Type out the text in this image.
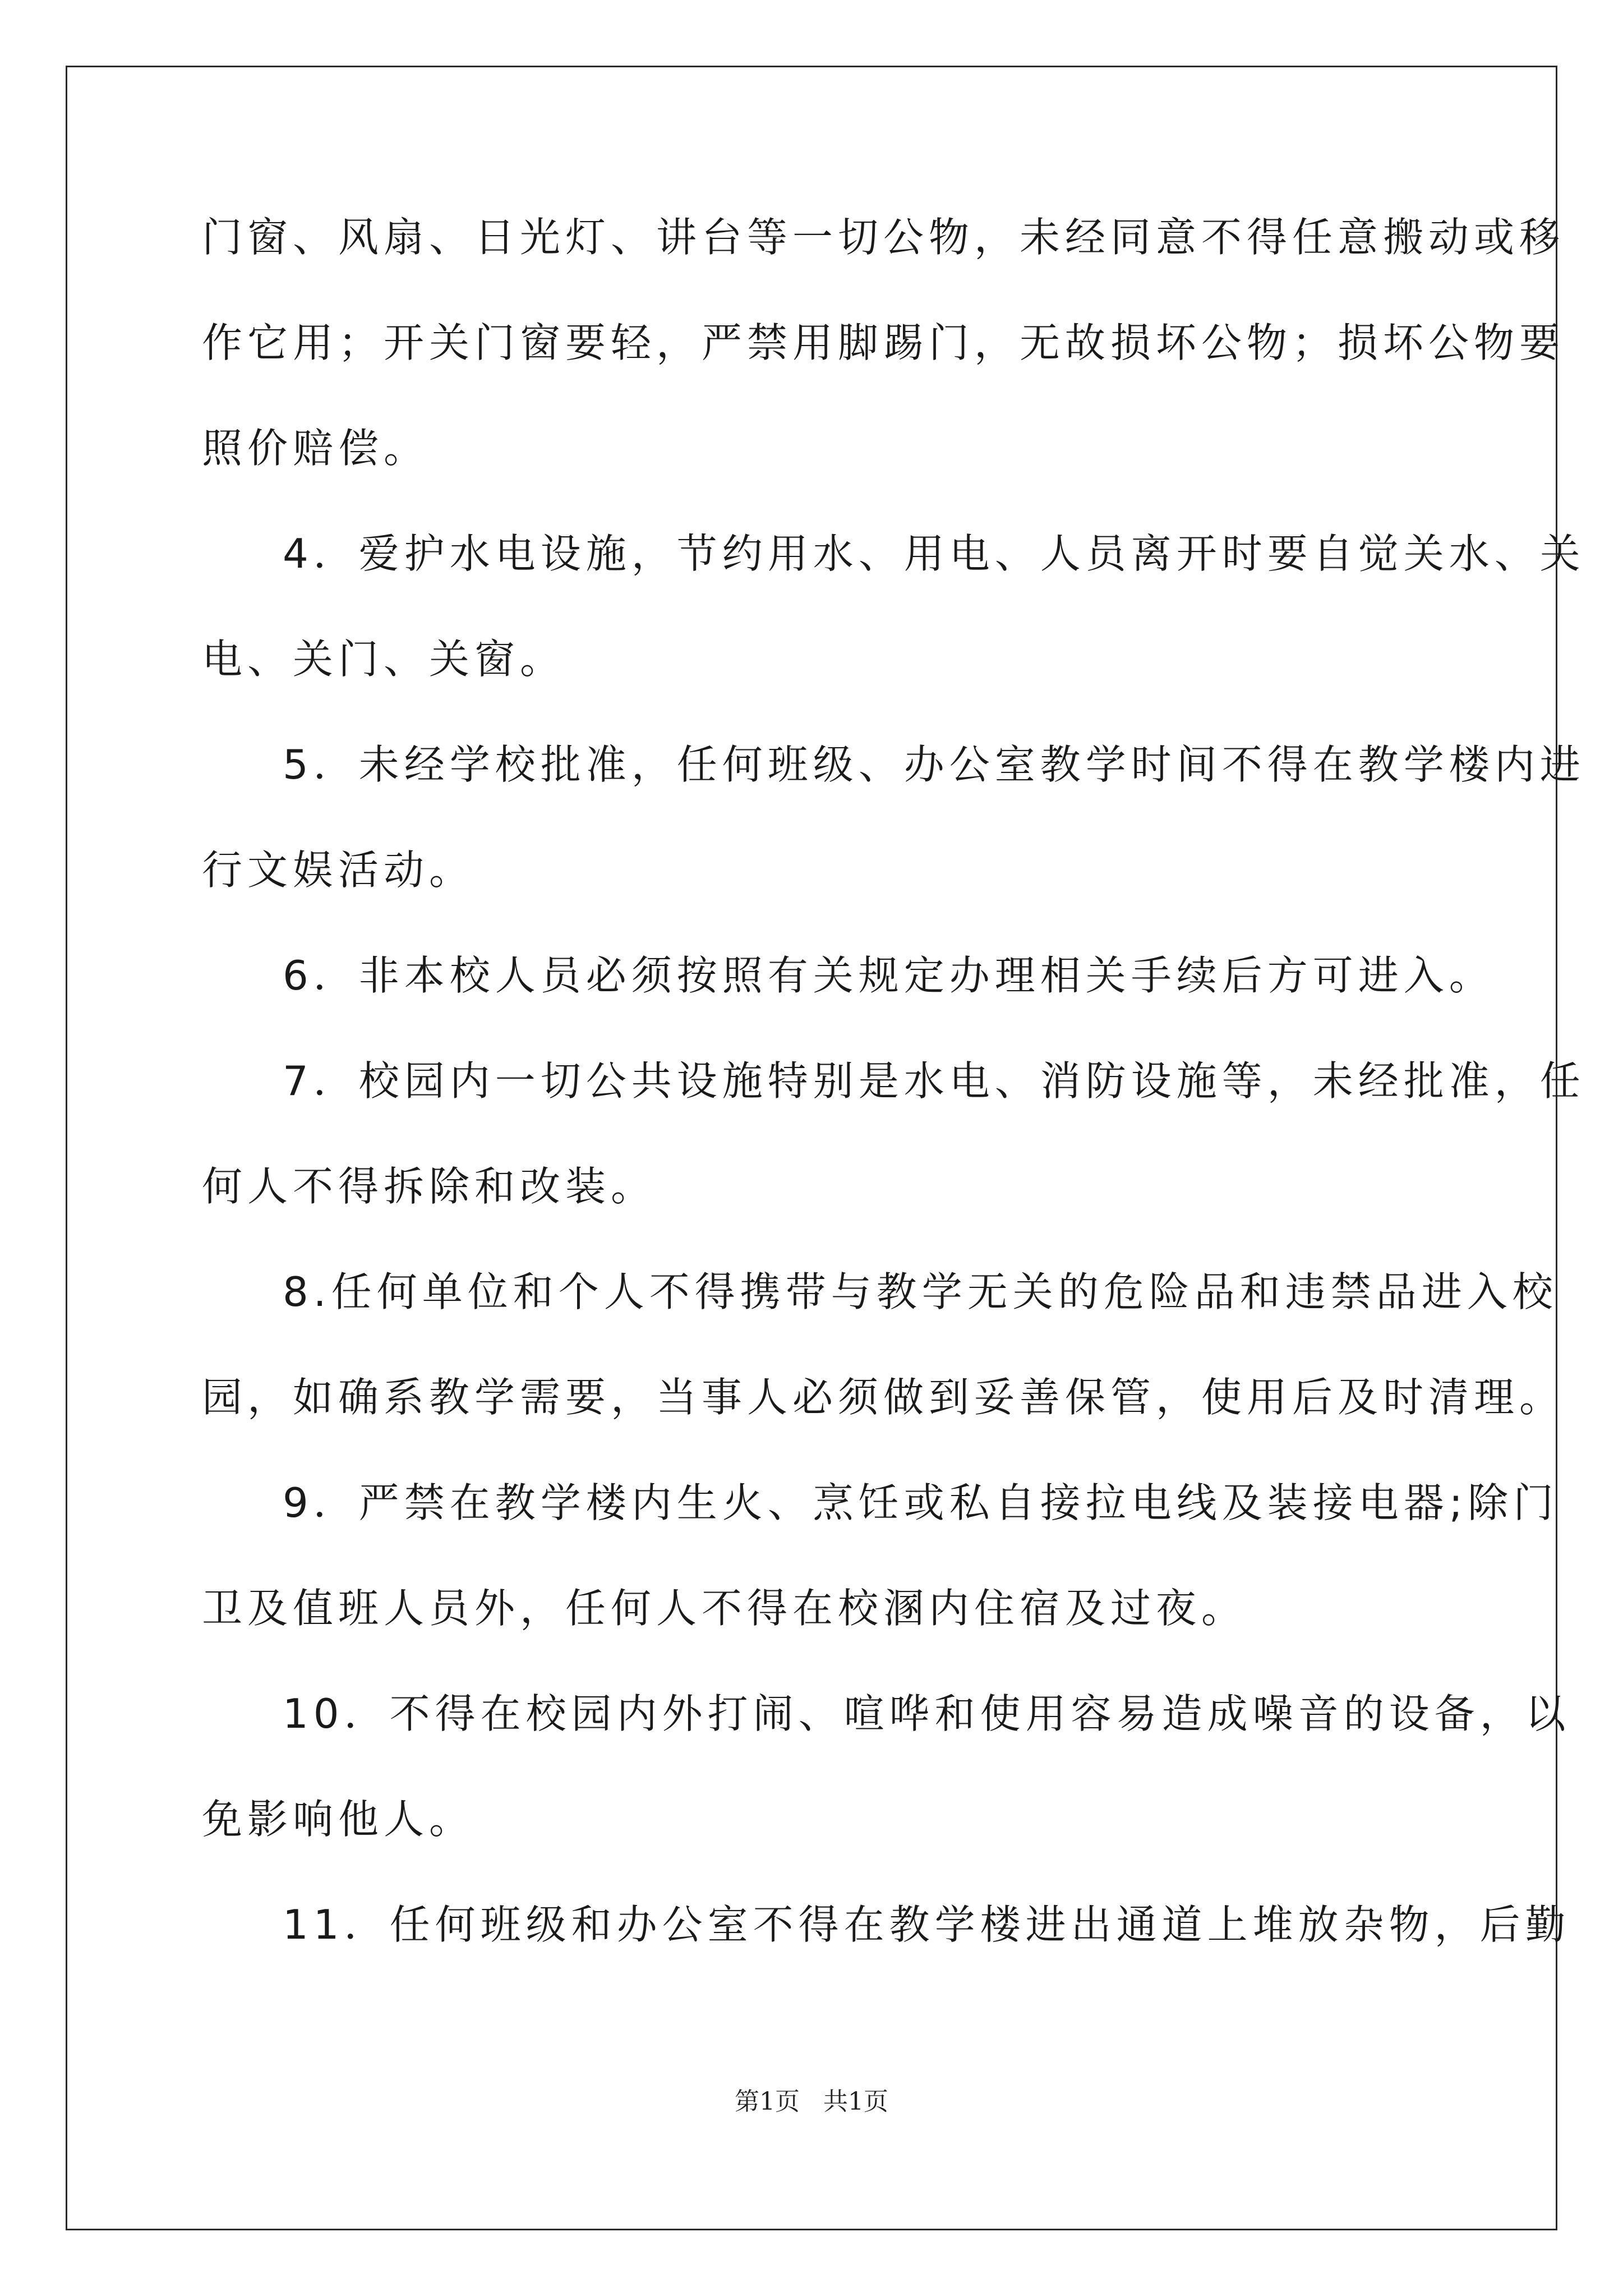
门窗、风扇、日光灯、讲台等一切公物，未经同意不得任意搬动或移
作它用；开关门窗要轻，严禁用脚踢门，无故损坏公物；损坏公物要
照价赔偿。
4．爱护水电设施，节约用水、用电、人员离开时要自觉关水、关
电、关门、关窗。
5．未经学校批准，任何班级、办公室教学时间不得在教学楼内进
行文娱活动。
6．非本校人员必须按照有关规定办理相关手续后方可进入。
7．校园内一切公共设施特别是水电、消防设施等，未经批准，任
何人不得拆除和改装。
8.任何单位和个人不得携带与教学无关的危险品和违禁品进入校
园，如确系教学需要，当事人必须做到妥善保管，使用后及时清理。
9．严禁在教学楼内生火、烹饪或私自接拉电线及装接电器;除门
卫及值班人员外，任何人不得在校溷内住宿及过夜。
10．不得在校园内外打闹、喧哗和使用容易造成噪音的设备，以
免影响他人。
11．任何班级和办公室不得在教学楼进出通道上堆放杂物，后勤
第1页   共1页
